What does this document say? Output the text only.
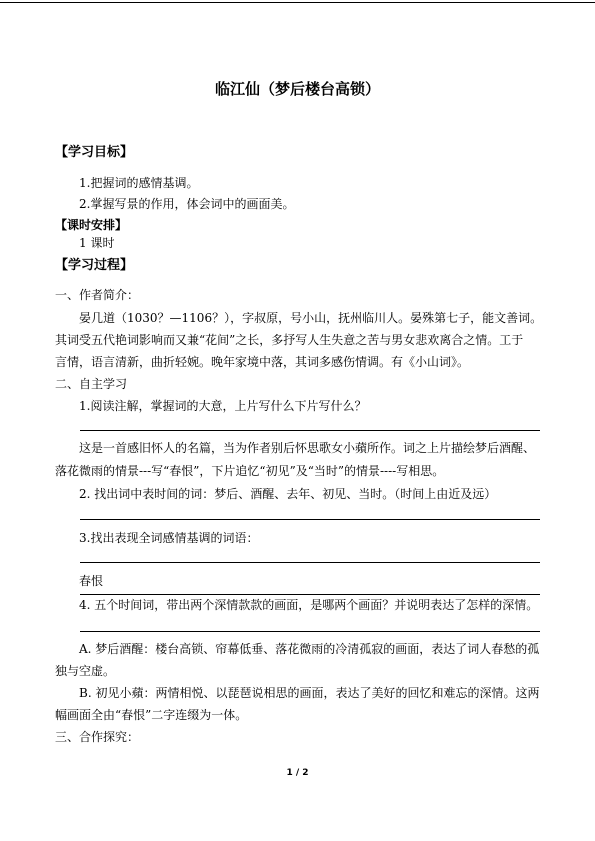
临江仙（梦后楼台高锁）
【学习目标】
1.把握词的感情基调。
2.掌握写景的作用，体会词中的画面美。
【课时安排】
1 课时
【学习过程】
一、作者简介：
晏几道（1030？—1106？），字叔原，号小山，抚州临川人。晏殊第七子，能文善词。
其词受五代艳词影响而又兼“花间”之长，多抒写人生失意之苦与男女悲欢离合之情。工于
言情，语言清新，曲折轻婉。晚年家境中落，其词多感伤情调。有《小山词》。
二、自主学习
1.阅读注解，掌握词的大意，上片写什么下片写什么？
这是一首感旧怀人的名篇，当为作者别后怀思歌女小蘋所作。词之上片描绘梦后酒醒、
落花微雨的情景---写“春恨”，下片追忆“初见”及“当时”的情景----写相思。
2. 找出词中表时间的词：梦后、酒醒、去年、初见、当时。（时间上由近及远）
3.找出表现全词感情基调的词语：
春恨
4. 五个时间词，带出两个深情款款的画面，是哪两个画面？并说明表达了怎样的深情。
A. 梦后酒醒：楼台高锁、帘幕低垂、落花微雨的冷清孤寂的画面，表达了词人春愁的孤
独与空虚。
B. 初见小蘋：两情相悦、以琵琶说相思的画面，表达了美好的回忆和难忘的深情。这两
幅画面全由“春恨”二字连缀为一体。
三、合作探究：
1 / 2
